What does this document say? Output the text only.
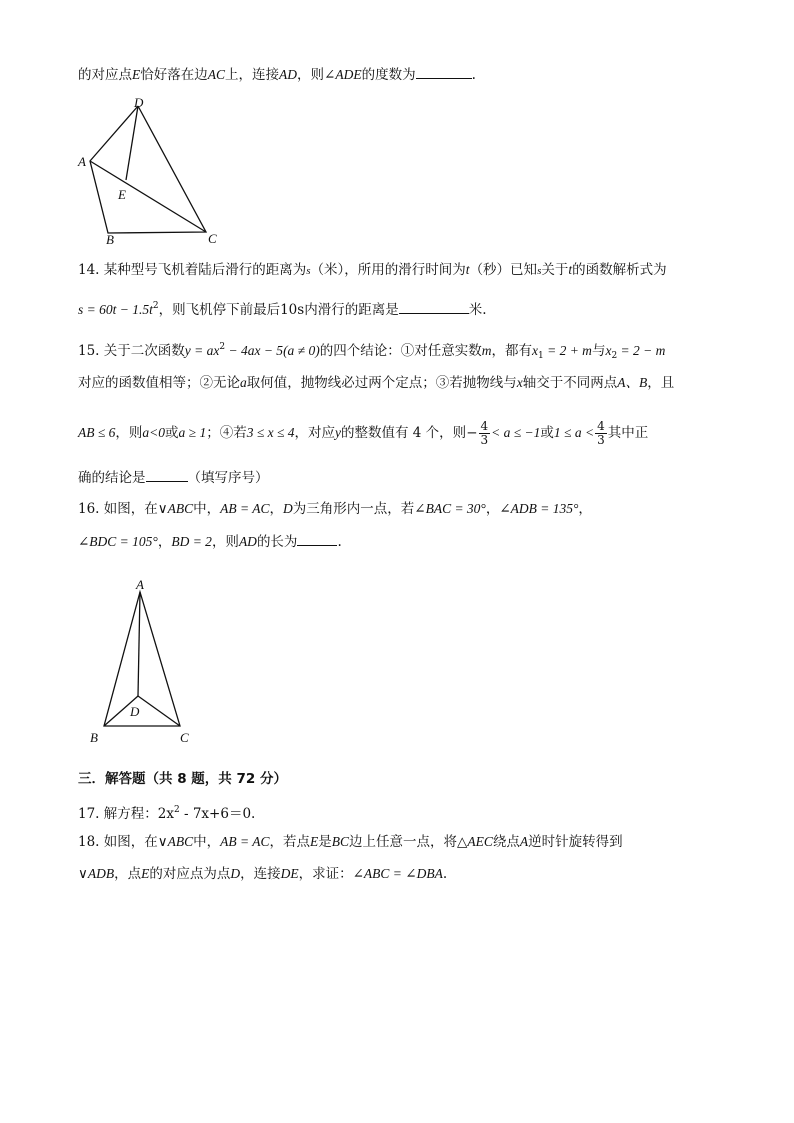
的对应点E恰好落在边AC上，连接AD，则∠ADE的度数为	.
D
A
E
B	C
14. 某种型号飞机着陆后滑行的距离为s（米），所用的滑行时间为t（秒）已知s关于t的函数解析式为
$s = 60t - 1.5t^2$，则飞机停下前最后10s内滑行的距离是	米.
15. 关于二次函数$y = ax^2 - 4ax - 5(a \ne 0)$的四个结论：①对任意实数m，都有$x_1 = 2 + m$与$x_2 = 2 - m$
对应的函数值相等；②无论a取何值，抛物线必过两个定点；③若抛物线与x轴交于不同两点A、B，且
AB ≤ 6，则a<0或a ≥ 1；④若3 ≤ x ≤ 4，对应y的整数值有 4 个，则− $\frac{4}{3} < a \le -1$或$1 \le a < \frac{4}{3}$ 其中正
确的结论是	（填写序号）
16. 如图，在∨ABC中，AB = AC，D为三角形内一点，若∠BAC = 30°，∠ADB = 135°，
∠BDC = 105°，BD = 2，则AD的长为	.
A
D
B	C
三．解答题（共 8 题，共 72 分）
17. 解方程：$2x^2 - 7x+6=0$.
18. 如图，在∨ABC中，AB = AC，若点E是BC边上任意一点，将△AEC绕点A逆时针旋转得到
∨ADB，点E的对应点为点D，连接DE，求证：∠ABC = ∠DBA.
